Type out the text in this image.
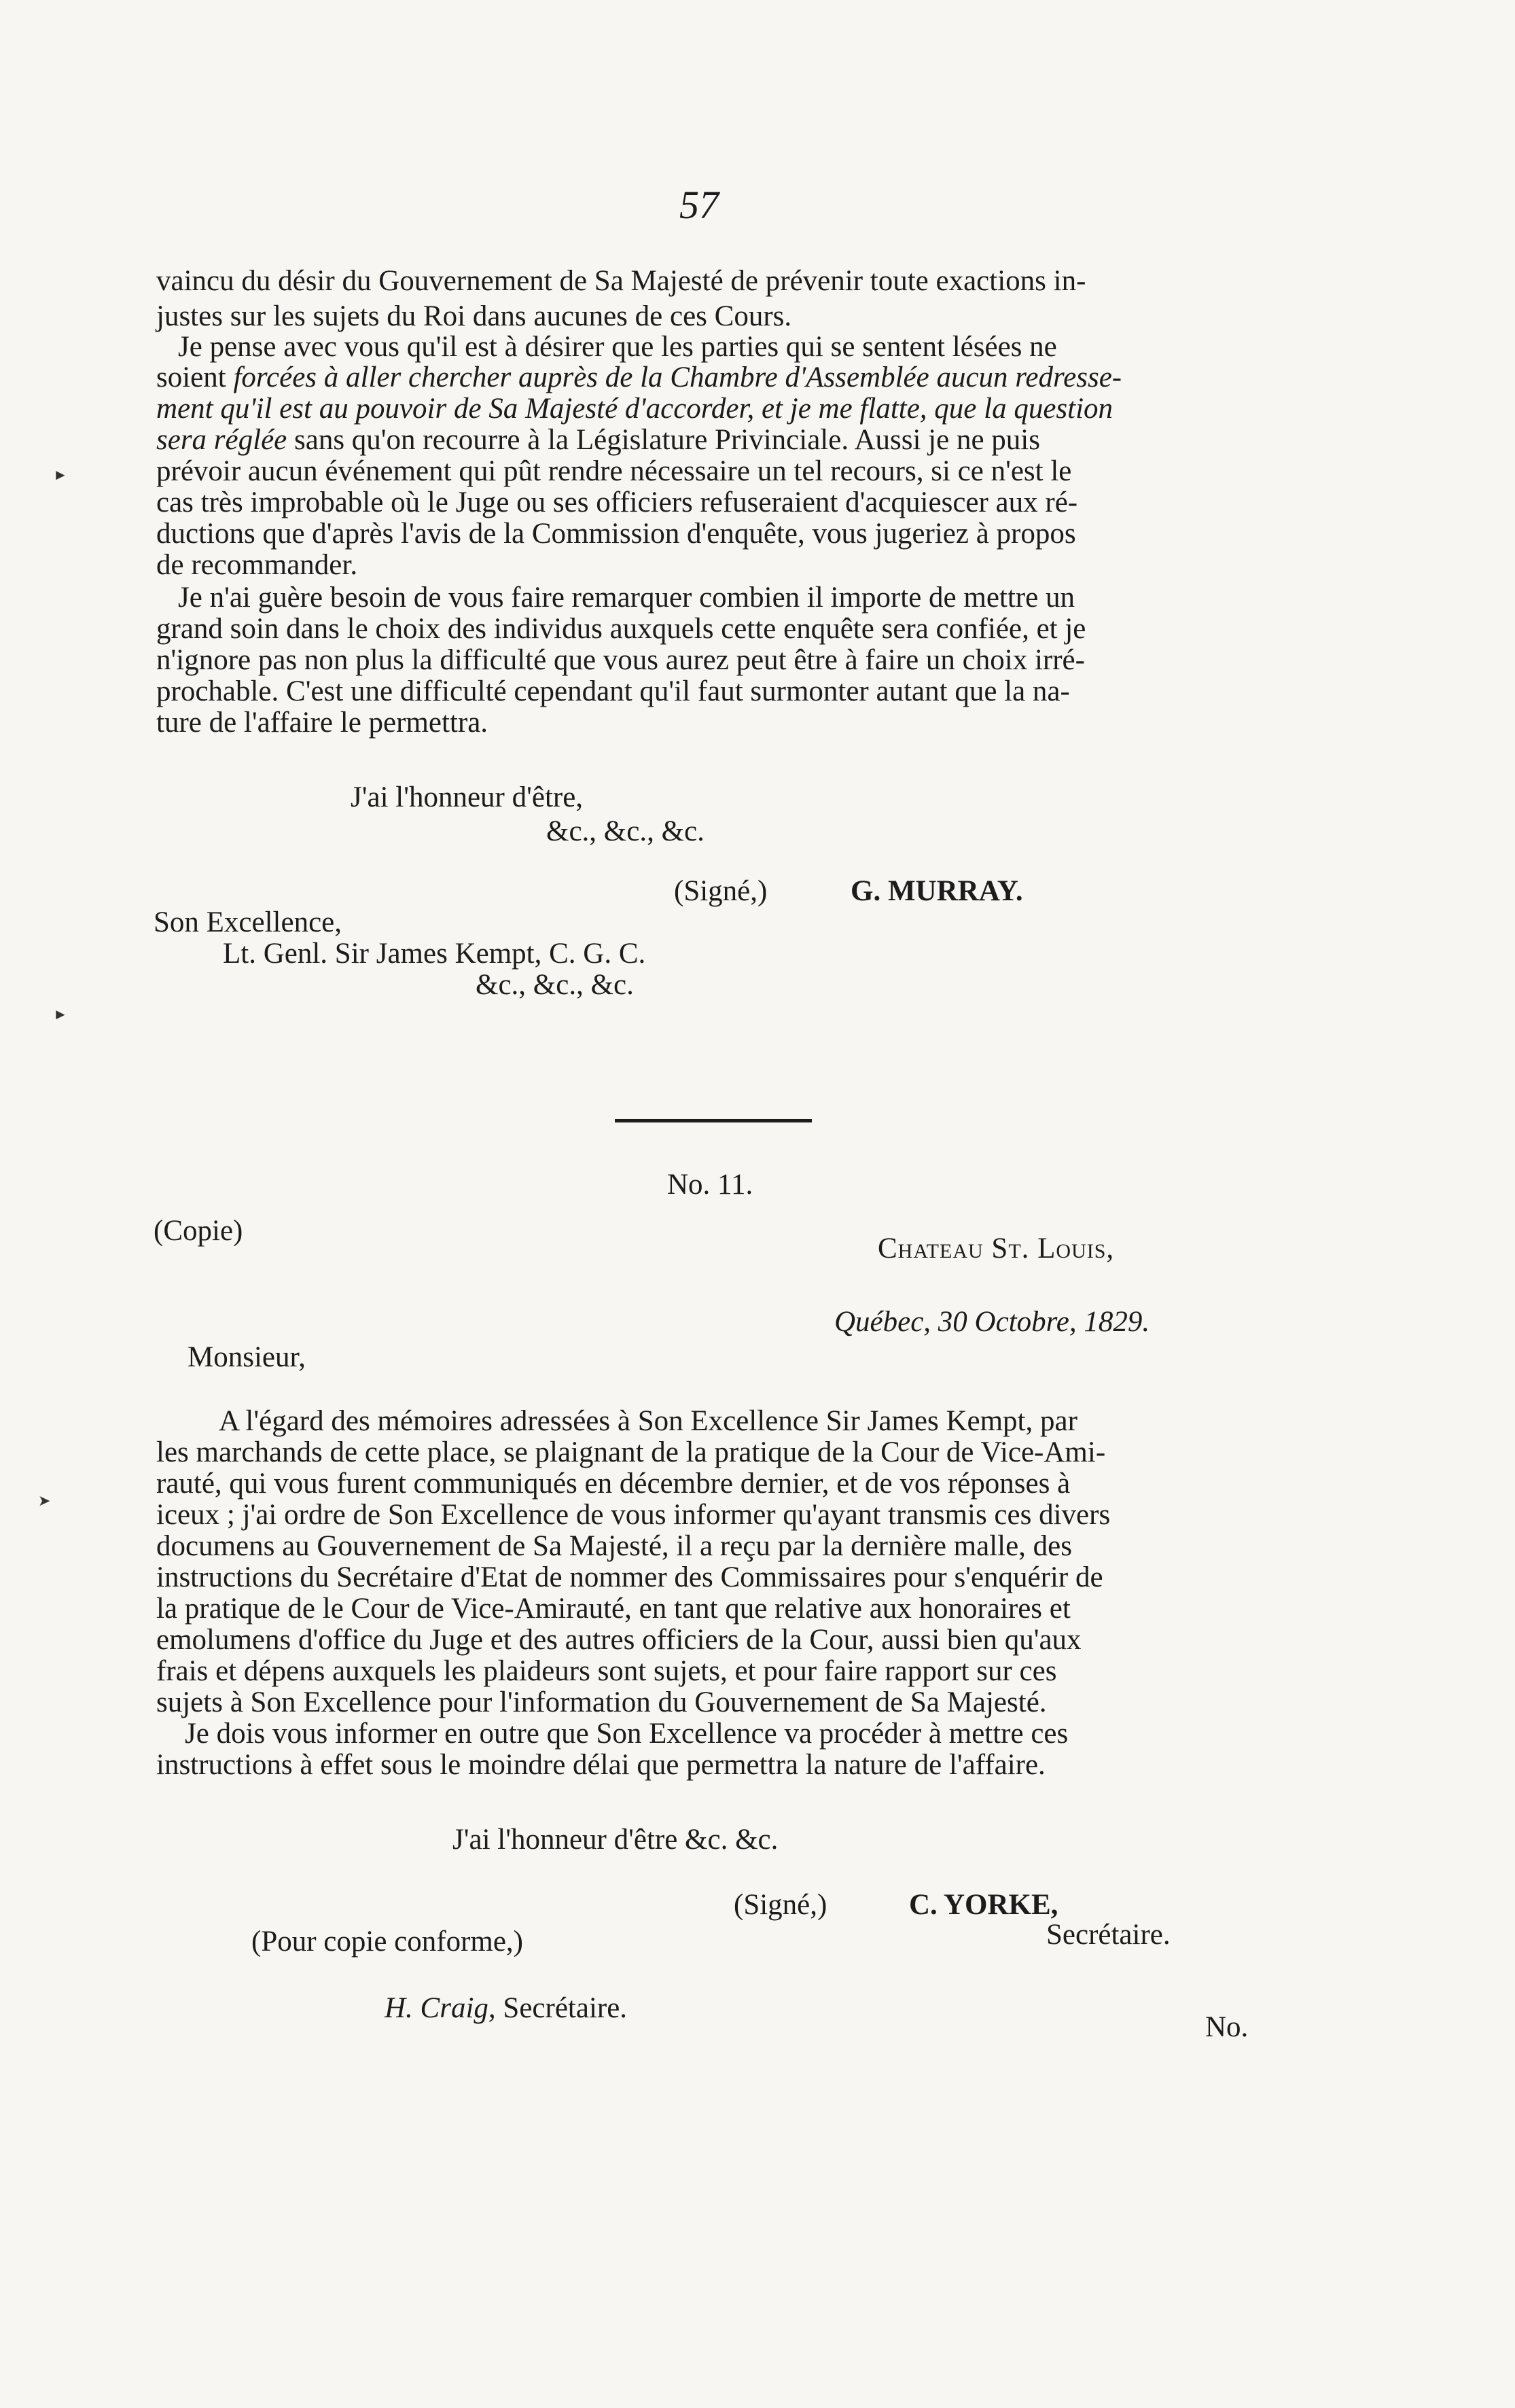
57
vaincu du désir du Gouvernement de Sa Majesté de prévenir toute exactions in-
justes sur les sujets du Roi dans aucunes de ces Cours.
Je pense avec vous qu'il est à désirer que les parties qui se sentent lésées ne
soient forcées à aller chercher auprès de la Chambre d'Assemblée aucun redresse-
ment qu'il est au pouvoir de Sa Majesté d'accorder, et je me flatte, que la question
sera réglée sans qu'on recourre à la Législature Privinciale. Aussi je ne puis
prévoir aucun événement qui pût rendre nécessaire un tel recours, si ce n'est le
cas très improbable où le Juge ou ses officiers refuseraient d'acquiescer aux ré-
ductions que d'après l'avis de la Commission d'enquête, vous jugeriez à propos
de recommander.
Je n'ai guère besoin de vous faire remarquer combien il importe de mettre un
grand soin dans le choix des individus auxquels cette enquête sera confiée, et je
n'ignore pas non plus la difficulté que vous aurez peut être à faire un choix irré-
prochable. C'est une difficulté cependant qu'il faut surmonter autant que la na-
ture de l'affaire le permettra.
J'ai l'honneur d'être,
&c., &c., &c.
(Signé,)	G. MURRAY.
Son Excellence,
Lt. Genl. Sir James Kempt, C. G. C.
&c., &c., &c.
No. 11.
(Copie)
Chateau St. Louis,
Québec, 30 Octobre, 1829.
Monsieur,
A l'égard des mémoires adressées à Son Excellence Sir James Kempt, par
les marchands de cette place, se plaignant de la pratique de la Cour de Vice-Ami-
rauté, qui vous furent communiqués en décembre dernier, et de vos réponses à
iceux ; j'ai ordre de Son Excellence de vous informer qu'ayant transmis ces divers
documens au Gouvernement de Sa Majesté, il a reçu par la dernière malle, des
instructions du Secrétaire d'Etat de nommer des Commissaires pour s'enquérir de
la pratique de le Cour de Vice-Amirauté, en tant que relative aux honoraires et
emolumens d'office du Juge et des autres officiers de la Cour, aussi bien qu'aux
frais et dépens auxquels les plaideurs sont sujets, et pour faire rapport sur ces
sujets à Son Excellence pour l'information du Gouvernement de Sa Majesté.
Je dois vous informer en outre que Son Excellence va procéder à mettre ces
instructions à effet sous le moindre délai que permettra la nature de l'affaire.
J'ai l'honneur d'être &c. &c.
(Signé,)	C. YORKE,
Secrétaire.
(Pour copie conforme,)
H. Craig, Secrétaire.
No.
►
►
➤
